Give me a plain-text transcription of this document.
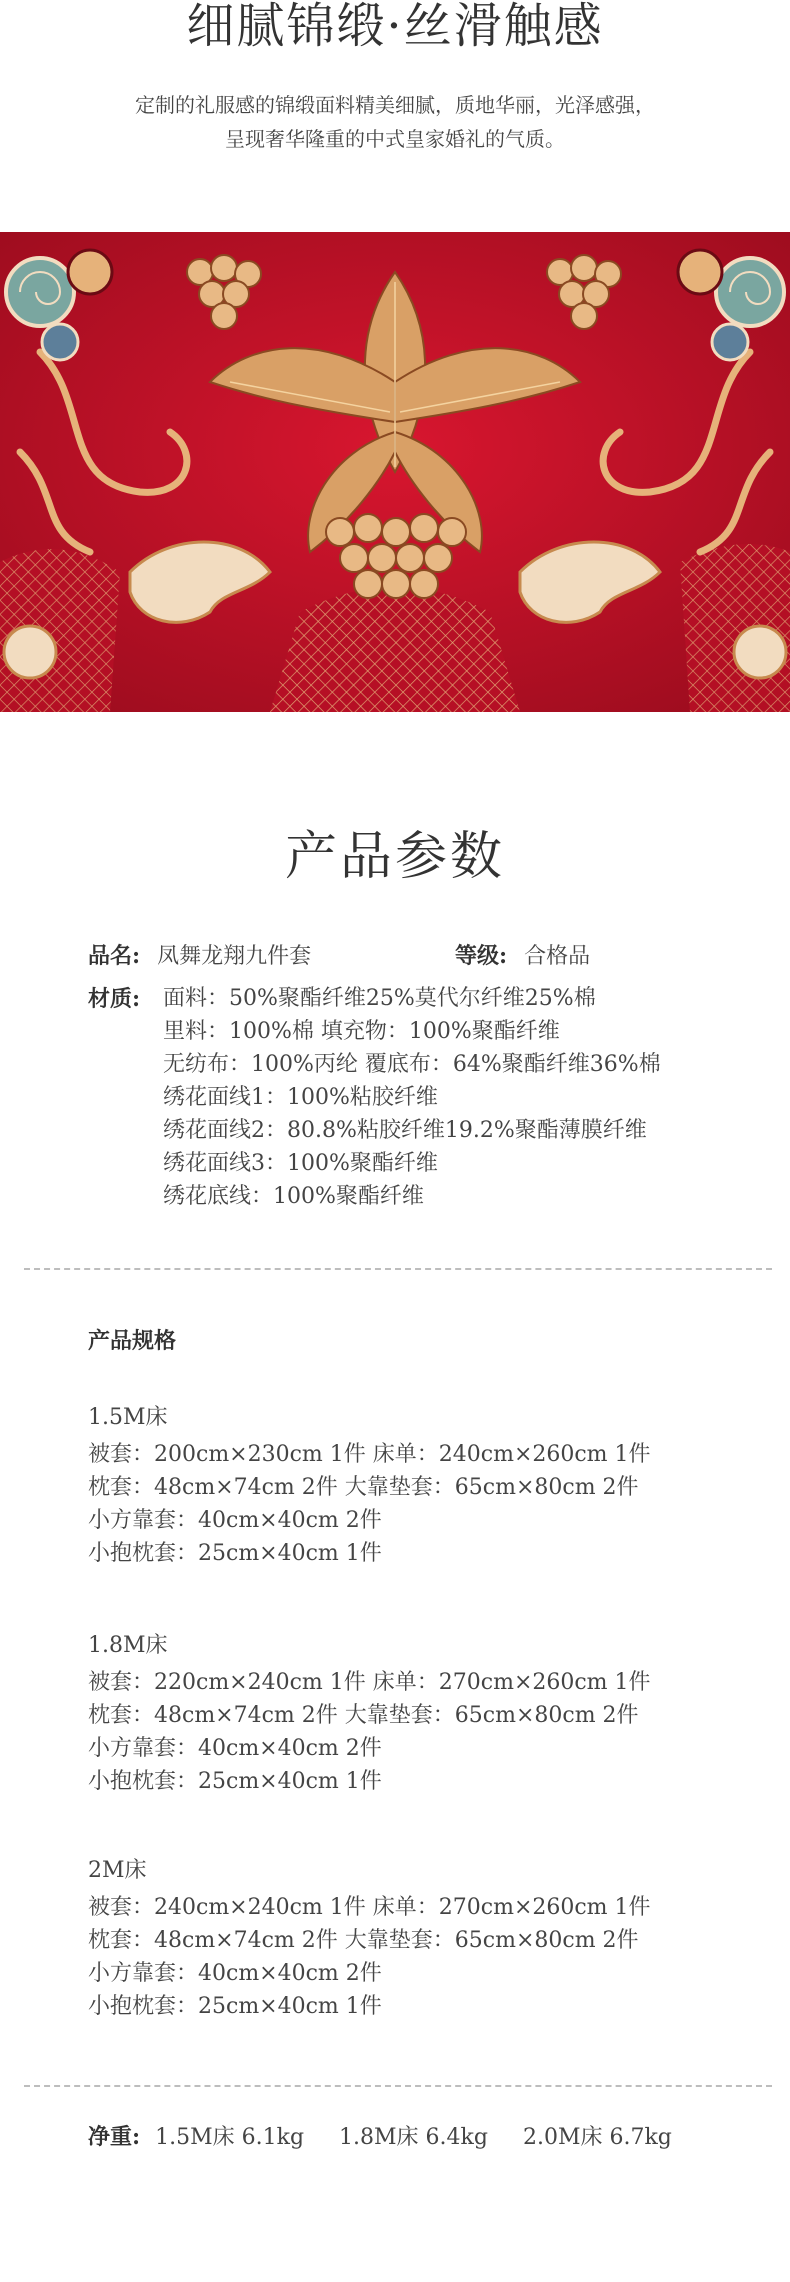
细腻锦缎·丝滑触感
定制的礼服感的锦缎面料精美细腻，质地华丽，光泽感强，
呈现奢华隆重的中式皇家婚礼的气质。
产品参数
品名: 凤舞龙翔九件套	等级: 合格品
材质: 面料：50%聚酯纤维25%莫代尔纤维25%棉
里料：100%棉 填充物：100%聚酯纤维
无纺布：100%丙纶 覆底布：64%聚酯纤维36%棉
绣花面线1：100%粘胶纤维
绣花面线2：80.8%粘胶纤维19.2%聚酯薄膜纤维
绣花面线3：100%聚酯纤维
绣花底线：100%聚酯纤维
产品规格
1.5M床
被套：200cm×230cm 1件 床单：240cm×260cm 1件
枕套：48cm×74cm 2件 大靠垫套：65cm×80cm 2件
小方靠套：40cm×40cm 2件
小抱枕套：25cm×40cm 1件
1.8M床
被套：220cm×240cm 1件 床单：270cm×260cm 1件
枕套：48cm×74cm 2件 大靠垫套：65cm×80cm 2件
小方靠套：40cm×40cm 2件
小抱枕套：25cm×40cm 1件
2M床
被套：240cm×240cm 1件 床单：270cm×260cm 1件
枕套：48cm×74cm 2件 大靠垫套：65cm×80cm 2件
小方靠套：40cm×40cm 2件
小抱枕套：25cm×40cm 1件
净重: 1.5M床 6.1kg 1.8M床 6.4kg 2.0M床 6.7kg
